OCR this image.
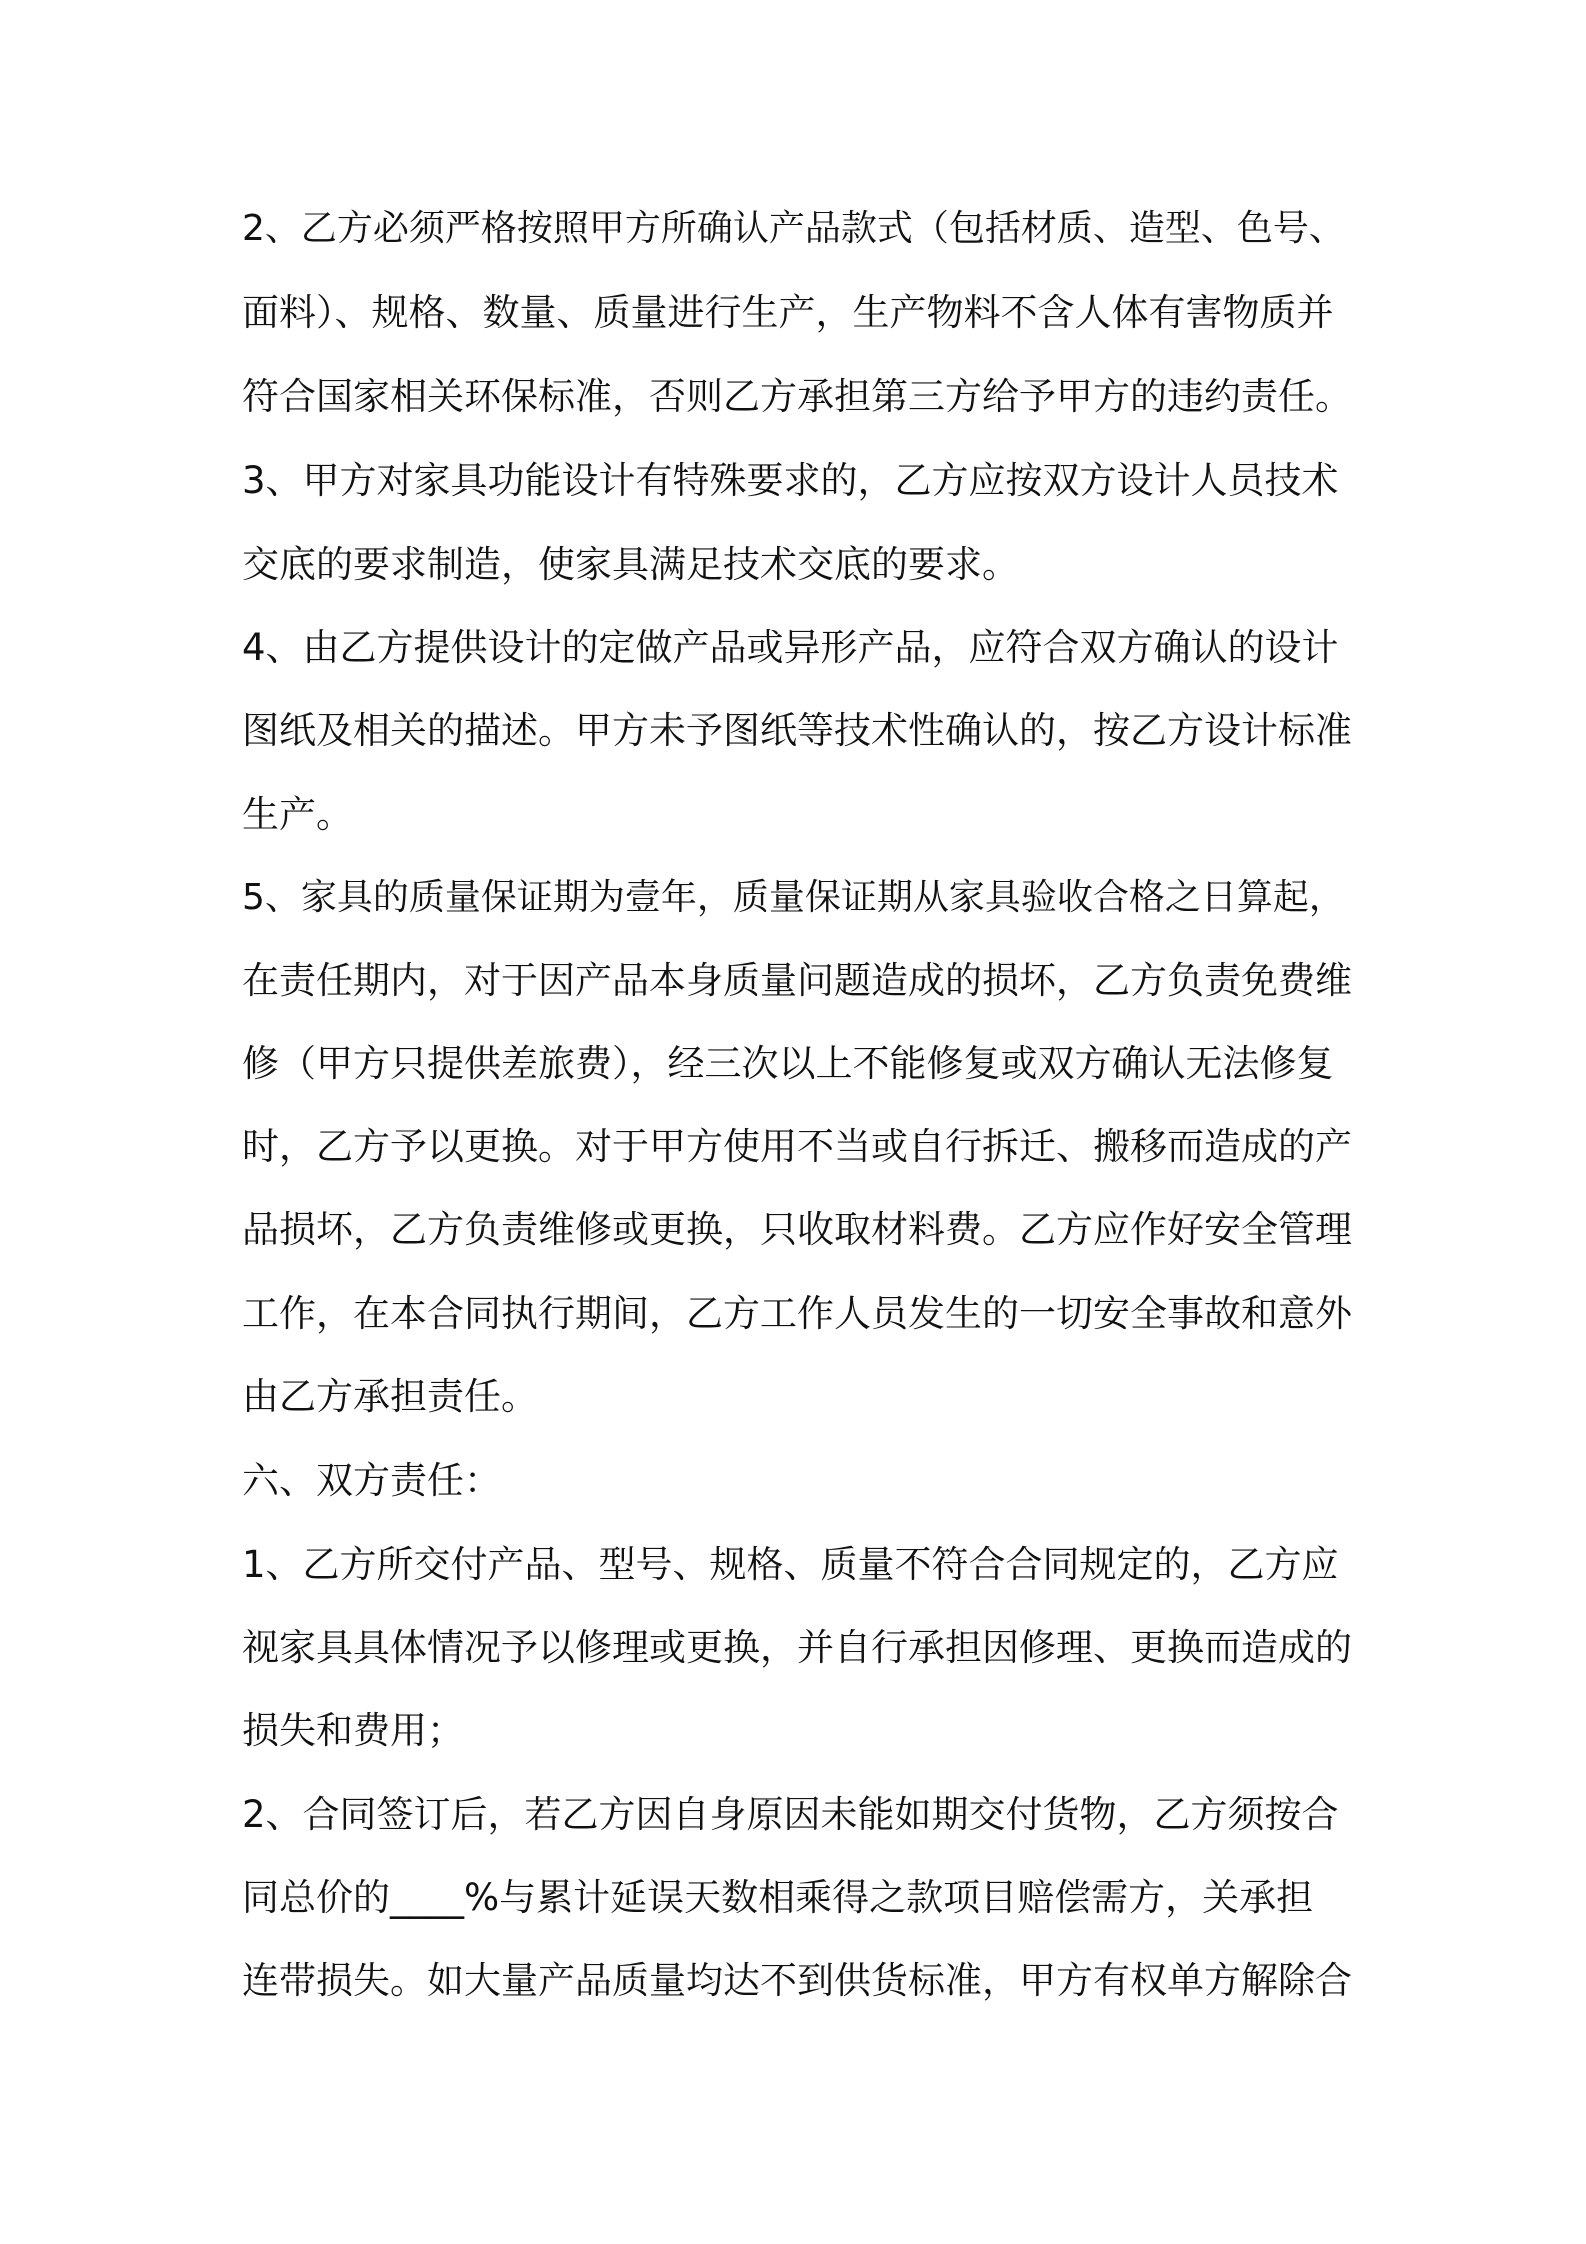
2、乙方必须严格按照甲方所确认产品款式（包括材质、造型、色号、
面料）、规格、数量、质量进行生产，生产物料不含人体有害物质并
符合国家相关环保标准，否则乙方承担第三方给予甲方的违约责任。
3、甲方对家具功能设计有特殊要求的，乙方应按双方设计人员技术
交底的要求制造，使家具满足技术交底的要求。
4、由乙方提供设计的定做产品或异形产品，应符合双方确认的设计
图纸及相关的描述。甲方未予图纸等技术性确认的，按乙方设计标准
生产。
5、家具的质量保证期为壹年，质量保证期从家具验收合格之日算起，
在责任期内，对于因产品本身质量问题造成的损坏，乙方负责免费维
修（甲方只提供差旅费），经三次以上不能修复或双方确认无法修复
时，乙方予以更换。对于甲方使用不当或自行拆迁、搬移而造成的产
品损坏，乙方负责维修或更换，只收取材料费。乙方应作好安全管理
工作，在本合同执行期间，乙方工作人员发生的一切安全事故和意外
由乙方承担责任。
六、双方责任：
1、乙方所交付产品、型号、规格、质量不符合合同规定的，乙方应
视家具具体情况予以修理或更换，并自行承担因修理、更换而造成的
损失和费用；
2、合同签订后，若乙方因自身原因未能如期交付货物，乙方须按合
同总价的____%与累计延误天数相乘得之款项目赔偿需方，关承担
连带损失。如大量产品质量均达不到供货标准，甲方有权单方解除合
